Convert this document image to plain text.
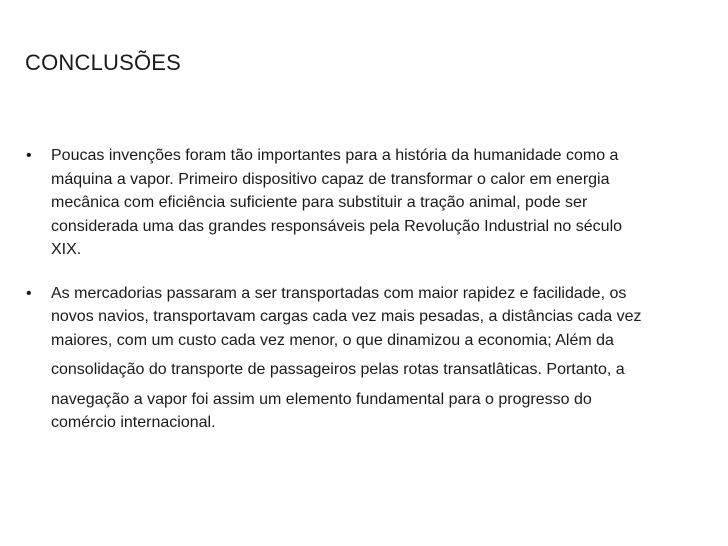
CONCLUSÕES
•	Poucas invenções foram tão importantes para a história da humanidade como a
máquina a vapor. Primeiro dispositivo capaz de transformar o calor em energia
mecânica com eficiência suficiente para substituir a tração animal, pode ser
considerada uma das grandes responsáveis pela Revolução Industrial no século
XIX.
•	As mercadorias passaram a ser transportadas com maior rapidez e facilidade, os
novos navios, transportavam cargas cada vez mais pesadas, a distâncias cada vez
maiores, com um custo cada vez menor, o que dinamizou a economia; Além da
consolidação do transporte de passageiros pelas rotas transatlâticas. Portanto, a
navegação a vapor foi assim um elemento fundamental para o progresso do
comércio internacional.
